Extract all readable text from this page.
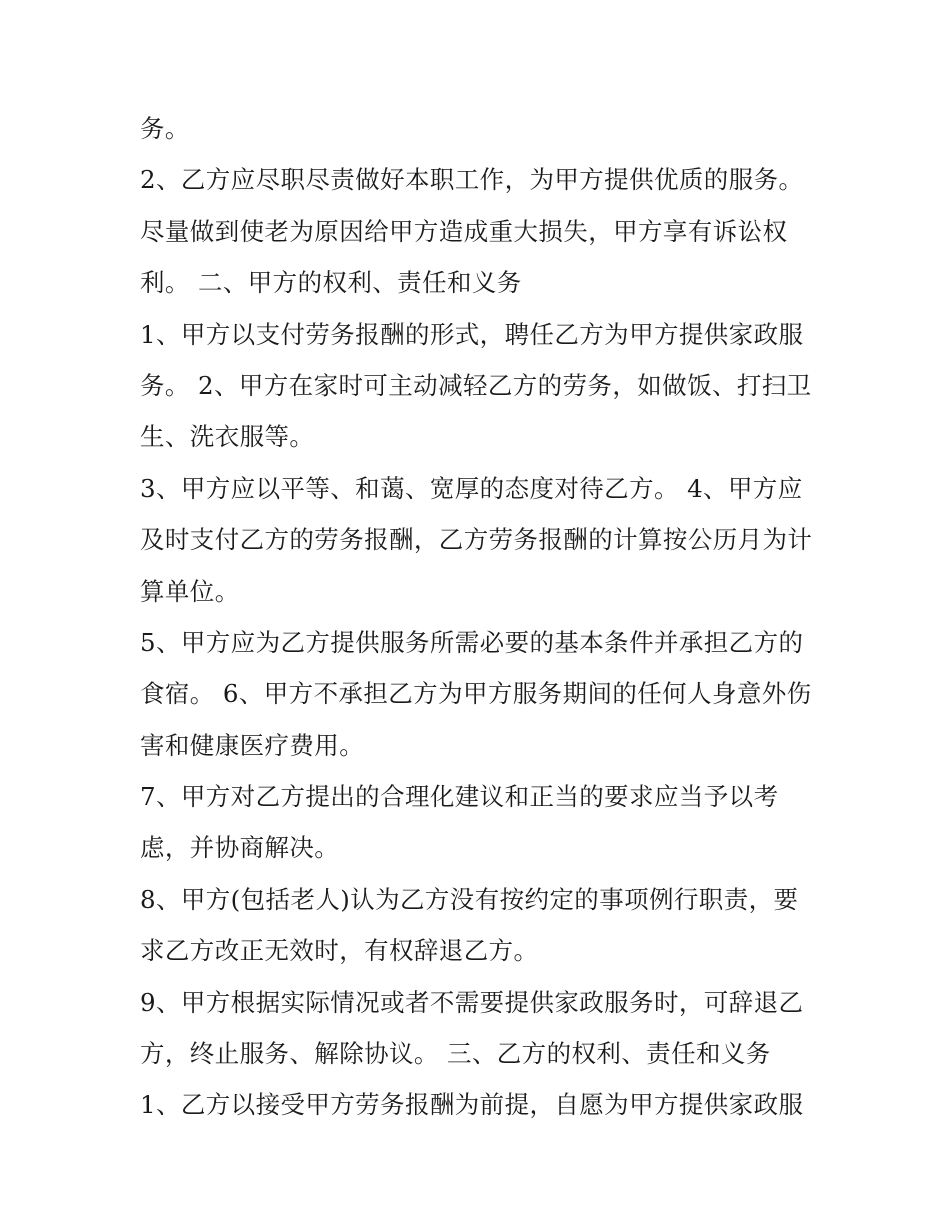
务。
2、乙方应尽职尽责做好本职工作，为甲方提供优质的服务。
尽量做到使老为原因给甲方造成重大损失，甲方享有诉讼权
利。 二、甲方的权利、责任和义务
1、甲方以支付劳务报酬的形式，聘任乙方为甲方提供家政服
务。 2、甲方在家时可主动减轻乙方的劳务，如做饭、打扫卫
生、洗衣服等。
3、甲方应以平等、和蔼、宽厚的态度对待乙方。 4、甲方应
及时支付乙方的劳务报酬，乙方劳务报酬的计算按公历月为计
算单位。
5、甲方应为乙方提供服务所需必要的基本条件并承担乙方的
食宿。 6、甲方不承担乙方为甲方服务期间的任何人身意外伤
害和健康医疗费用。
7、甲方对乙方提出的合理化建议和正当的要求应当予以考
虑，并协商解决。
8、甲方(包括老人)认为乙方没有按约定的事项例行职责，要
求乙方改正无效时，有权辞退乙方。
9、甲方根据实际情况或者不需要提供家政服务时，可辞退乙
方，终止服务、解除协议。 三、乙方的权利、责任和义务
1、乙方以接受甲方劳务报酬为前提，自愿为甲方提供家政服
